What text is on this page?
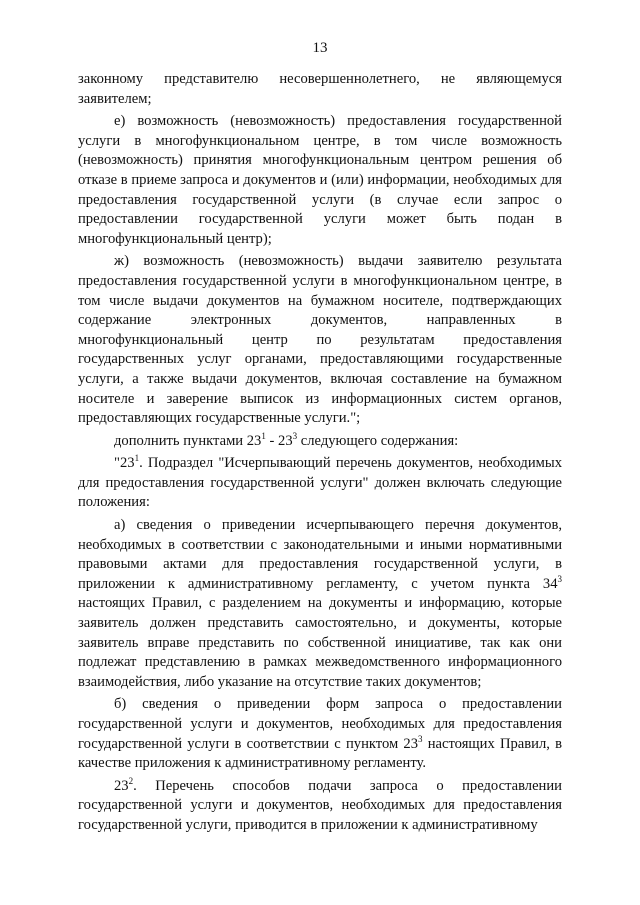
13

законному представителю несовершеннолетнего, не являющемуся заявителем;

е) возможность (невозможность) предоставления государственной услуги в многофункциональном центре, в том числе возможность (невозможность) принятия многофункциональным центром решения об отказе в приеме запроса и документов и (или) информации, необходимых для предоставления государственной услуги (в случае если запрос о предоставлении государственной услуги может быть подан в многофункциональный центр);

ж) возможность (невозможность) выдачи заявителю результата предоставления государственной услуги в многофункциональном центре, в том числе выдачи документов на бумажном носителе, подтверждающих содержание электронных документов, направленных в многофункциональный центр по результатам предоставления государственных услуг органами, предоставляющими государственные услуги, а также выдачи документов, включая составление на бумажном носителе и заверение выписок из информационных систем органов, предоставляющих государственные услуги.";

дополнить пунктами $23^1 - 23^3$ следующего содержания:

"$23^1$. Подраздел "Исчерпывающий перечень документов, необходимых для предоставления государственной услуги" должен включать следующие положения:

а) сведения о приведении исчерпывающего перечня документов, необходимых в соответствии с законодательными и иными нормативными правовыми актами для предоставления государственной услуги, в приложении к административному регламенту, с учетом пункта $34^3$ настоящих Правил, с разделением на документы и информацию, которые заявитель должен представить самостоятельно, и документы, которые заявитель вправе представить по собственной инициативе, так как они подлежат представлению в рамках межведомственного информационного взаимодействия, либо указание на отсутствие таких документов;

б) сведения о приведении форм запроса о предоставлении государственной услуги и документов, необходимых для предоставления государственной услуги в соответствии с пунктом $23^3$ настоящих Правил, в качестве приложения к административному регламенту.

$23^2$. Перечень способов подачи запроса о предоставлении государственной услуги и документов, необходимых для предоставления государственной услуги, приводится в приложении к административному
